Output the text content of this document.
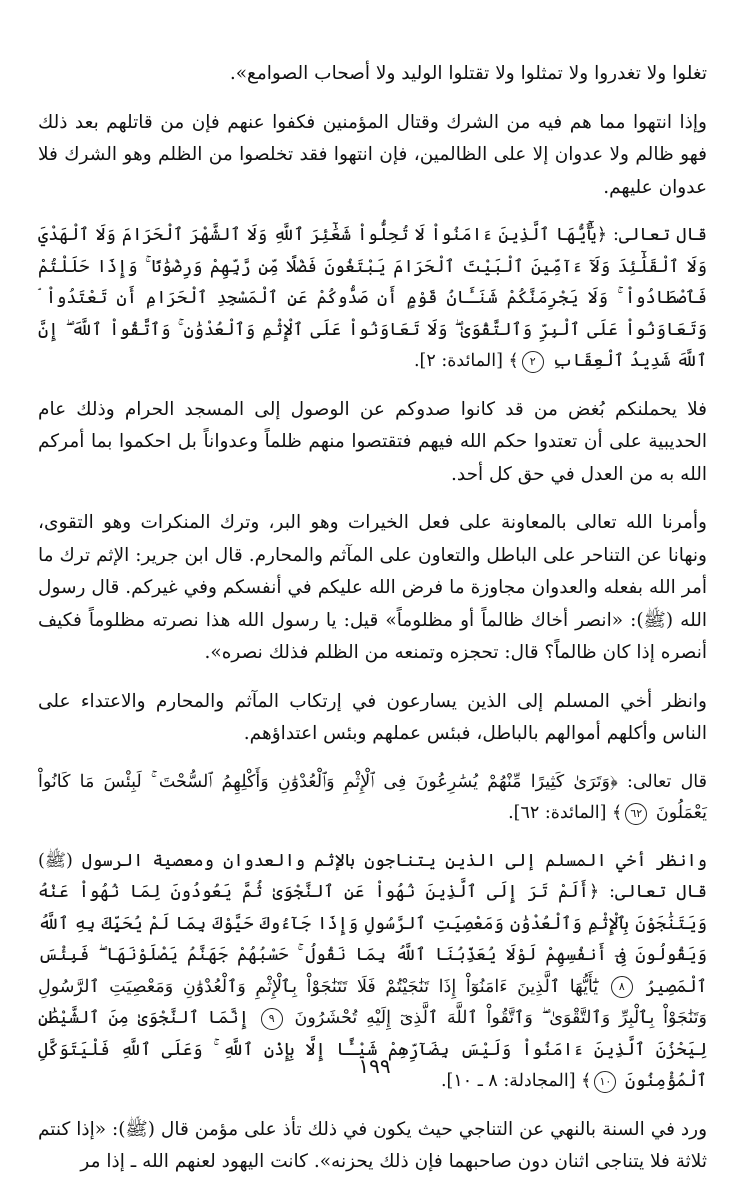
تغلوا ولا تغدروا ولا تمثلوا ولا تقتلوا الوليد ولا أصحاب الصوامع».

وإذا انتهوا مما هم فيه من الشرك وقتال المؤمنين فكفوا عنهم فإن من قاتلهم بعد ذلك فهو ظالم ولا عدوان إلا على الظالمين، فإن انتهوا فقد تخلصوا من الظلم وهو الشرك فلا عدوان عليهم.

قال تعالى: ﴿يَٰٓأَيُّهَا ٱلَّذِينَ ءَامَنُواْ لَا تُحِلُّواْ شَعَٰٓئِرَ ٱللَّهِ وَلَا ٱلشَّهْرَ ٱلْحَرَامَ وَلَا ٱلْهَدْيَ وَلَا ٱلْقَلَٰٓئِدَ وَلَآ ءَآمِّينَ ٱلْبَيْتَ ٱلْحَرَامَ يَبْتَغُونَ فَضْلًا مِّن رَّبِّهِمْ وَرِضْوَٰنًا ۚ وَإِذَا حَلَلْتُمْ فَٱصْطَادُواْ ۚ وَلَا يَجْرِمَنَّكُمْ شَنَـَٔانُ قَوْمٍ أَن صَدُّوكُمْ عَنِ ٱلْمَسْجِدِ ٱلْحَرَامِ أَن تَعْتَدُواْ ۘ وَتَعَاوَنُواْ عَلَى ٱلْبِرِّ وَٱلتَّقْوَىٰ ۖ وَلَا تَعَاوَنُواْ عَلَى ٱلْإِثْمِ وَٱلْعُدْوَٰنِ ۚ وَٱتَّقُواْ ٱللَّهَ ۖ إِنَّ ٱللَّهَ شَدِيدُ ٱلْعِقَابِ ٢﴾ [المائدة: ٢].

فلا يحملنكم بُغض من قد كانوا صدوكم عن الوصول إلى المسجد الحرام وذلك عام الحديبية على أن تعتدوا حكم الله فيهم فتقتصوا منهم ظلماً وعدواناً بل احكموا بما أمركم الله به من العدل في حق كل أحد.

وأمرنا الله تعالى بالمعاونة على فعل الخيرات وهو البر، وترك المنكرات وهو التقوى، ونهانا عن التناحر على الباطل والتعاون على المآثم والمحارم. قال ابن جرير: الإثم ترك ما أمر الله بفعله والعدوان مجاوزة ما فرض الله عليكم في أنفسكم وفي غيركم. قال رسول الله (ﷺ): «انصر أخاك ظالماً أو مظلوماً» قيل: يا رسول الله هذا نصرته مظلوماً فكيف أنصره إذا كان ظالماً؟ قال: تحجزه وتمنعه من الظلم فذلك نصره».

وانظر أخي المسلم إلى الذين يسارعون في إرتكاب المآثم والمحارم والاعتداء على الناس وأكلهم أموالهم بالباطل، فبئس عملهم وبئس اعتداؤهم.

قال تعالى: ﴿وَتَرَىٰ كَثِيرًا مِّنْهُمْ يُسَٰرِعُونَ فِى ٱلْإِثْمِ وَٱلْعُدْوَٰنِ وَأَكْلِهِمُ ٱلسُّحْتَ ۚ لَبِئْسَ مَا كَانُواْ يَعْمَلُونَ ٦٢﴾ [المائدة: ٦٢].

وانظر أخي المسلم إلى الذين يتناجون بالإثم والعدوان ومعصية الرسول (ﷺ) قال تعالى: ﴿أَلَمْ تَرَ إِلَى ٱلَّذِينَ نُهُواْ عَنِ ٱلنَّجْوَىٰ ثُمَّ يَعُودُونَ لِمَا نُهُواْ عَنْهُ وَيَتَنَٰجَوْنَ بِٱلْإِثْمِ وَٱلْعُدْوَٰنِ وَمَعْصِيَتِ ٱلرَّسُولِ وَإِذَا جَآءُوكَ حَيَّوْكَ بِمَا لَمْ يُحَيِّكَ بِهِ ٱللَّهُ وَيَقُولُونَ فِىٓ أَنفُسِهِمْ لَوْلَا يُعَذِّبُنَا ٱللَّهُ بِمَا نَقُولُ ۚ حَسْبُهُمْ جَهَنَّمُ يَصْلَوْنَهَا ۖ فَبِئْسَ ٱلْمَصِيرُ ٨ يَٰٓأَيُّهَا ٱلَّذِينَ ءَامَنُوٓاْ إِذَا تَنَٰجَيْتُمْ فَلَا تَتَنَٰجَوْاْ بِٱلْإِثْمِ وَٱلْعُدْوَٰنِ وَمَعْصِيَتِ ٱلرَّسُولِ وَتَنَٰجَوْاْ بِٱلْبِرِّ وَٱلتَّقْوَىٰ ۖ وَٱتَّقُواْ ٱللَّهَ ٱلَّذِىٓ إِلَيْهِ تُحْشَرُونَ ٩ إِنَّمَا ٱلنَّجْوَىٰ مِنَ ٱلشَّيْطَٰنِ لِيَحْزُنَ ٱلَّذِينَ ءَامَنُواْ وَلَيْسَ بِضَآرِّهِمْ شَيْـًٔا إِلَّا بِإِذْنِ ٱللَّهِ ۚ وَعَلَى ٱللَّهِ فَلْيَتَوَكَّلِ ٱلْمُؤْمِنُونَ ١٠﴾ [المجادلة: ٨ ـ ١٠].

ورد في السنة بالنهي عن التناجي حيث يكون في ذلك تأذ على مؤمن قال (ﷺ): «إذا كنتم ثلاثة فلا يتناجى اثنان دون صاحبهما فإن ذلك يحزنه». كانت اليهود لعنهم الله ـ إذا مر

١٩٩
